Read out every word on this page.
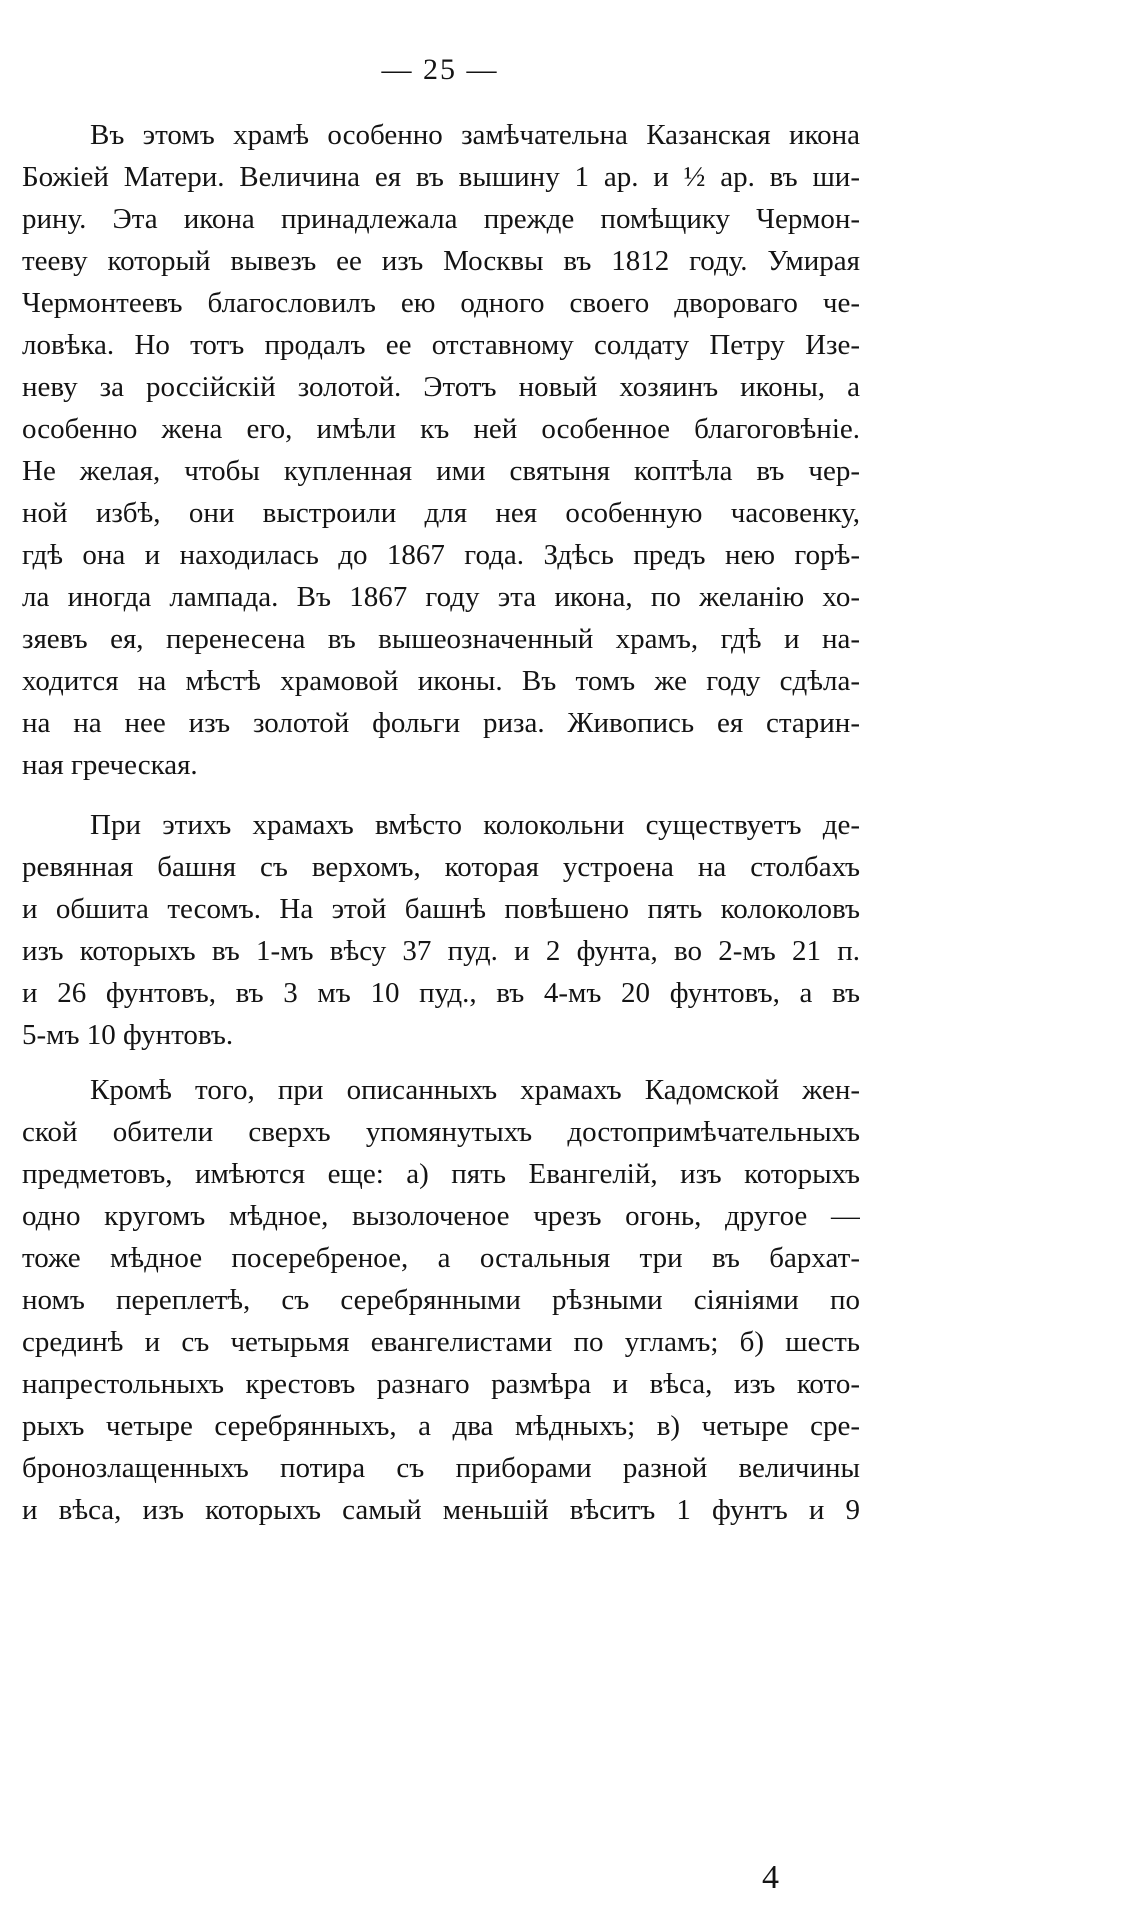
— 25 —
Въ этомъ храмѣ особенно замѣчательна Казанская икона
Божіей Матери. Величина ея въ вышину 1 ар. и ½ ар. въ ши-
рину. Эта икона принадлежала прежде помѣщику Чермон-
тееву который вывезъ ее изъ Москвы въ 1812 году. Умирая
Чермонтеевъ благословилъ ею одного своего двороваго че-
ловѣка. Но тотъ продалъ ее отставному солдату Петру Изе-
неву за россійскій золотой. Этотъ новый хозяинъ иконы, а
особенно жена его, имѣли къ ней особенное благоговѣніе.
Не желая, чтобы купленная ими святыня коптѣла въ чер-
ной избѣ, они выстроили для нея особенную часовенку,
гдѣ она и находилась до 1867 года. Здѣсь предъ нею горѣ-
ла иногда лампада. Въ 1867 году эта икона, по желанію хо-
зяевъ ея, перенесена въ вышеозначенный храмъ, гдѣ и на-
ходится на мѣстѣ храмовой иконы. Въ томъ же году сдѣла-
на на нее изъ золотой фольги риза. Живопись ея старин-
ная греческая.
При этихъ храмахъ вмѣсто колокольни существуетъ де-
ревянная башня съ верхомъ, которая устроена на столбахъ
и обшита тесомъ. На этой башнѣ повѣшено пять колоколовъ
изъ которыхъ въ 1-мъ вѣсу 37 пуд. и 2 фунта, во 2-мъ 21 п.
и 26 фунтовъ, въ 3 мъ 10 пуд., въ 4-мъ 20 фунтовъ, а въ
5-мъ 10 фунтовъ.
Кромѣ того, при описанныхъ храмахъ Кадомской жен-
ской обители сверхъ упомянутыхъ достопримѣчательныхъ
предметовъ, имѣются еще: а) пять Евангелій, изъ которыхъ
одно кругомъ мѣдное, вызолоченое чрезъ огонь, другое —
тоже мѣдное посеребреное, а остальныя три въ бархат-
номъ переплетѣ, съ серебрянными рѣзными сіяніями по
срединѣ и съ четырьмя евангелистами по угламъ; б) шесть
напрестольныхъ крестовъ разнаго размѣра и вѣса, изъ кото-
рыхъ четыре серебрянныхъ, а два мѣдныхъ; в) четыре сре-
бронозлащенныхъ потира съ приборами разной величины
и вѣса, изъ которыхъ самый меньшій вѣситъ 1 фунтъ и 9
4
